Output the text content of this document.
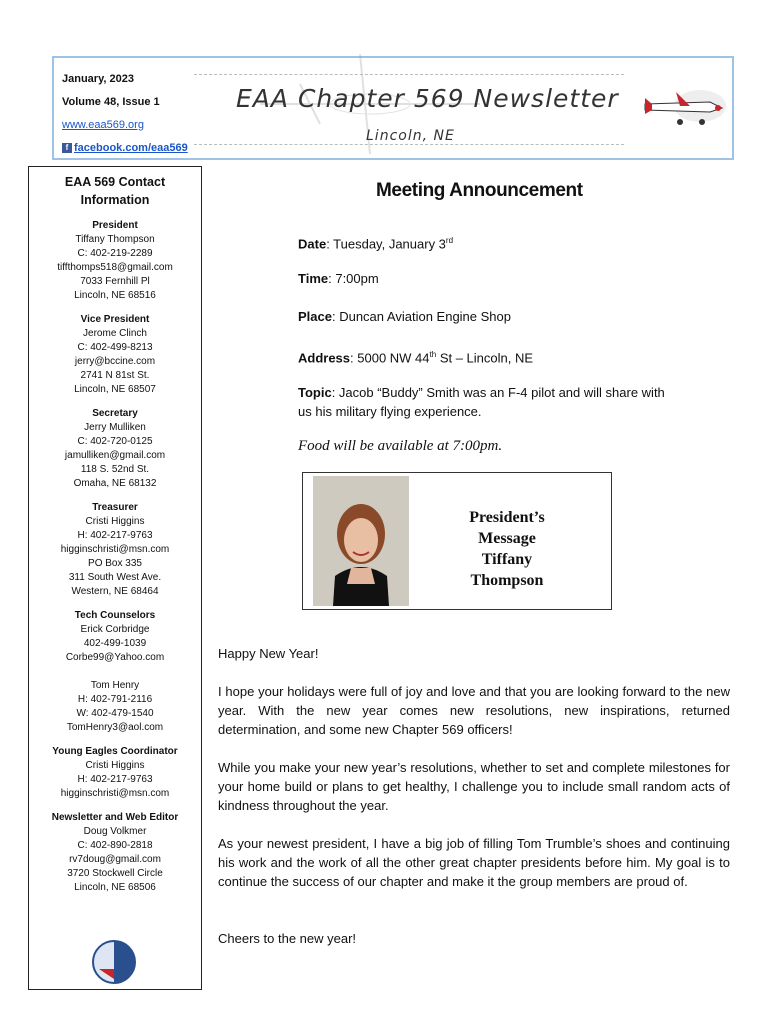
January, 2023
Volume 48, Issue 1
www.eaa569.org
f facebook.com/eaa569
EAA Chapter 569 Newsletter
Lincoln, NE
EAA 569 Contact Information
President
Tiffany Thompson
C: 402-219-2289
tiffthomps518@gmail.com
7033 Fernhill Pl
Lincoln, NE 68516
Vice President
Jerome Clinch
C: 402-499-8213
jerry@bccine.com
2741 N 81st St.
Lincoln, NE 68507
Secretary
Jerry Mulliken
C: 402-720-0125
jamulliken@gmail.com
118 S. 52nd St.
Omaha, NE 68132
Treasurer
Cristi Higgins
H: 402-217-9763
higginschristi@msn.com
PO Box 335
311 South West Ave.
Western, NE 68464
Tech Counselors
Erick Corbridge
402-499-1039
Corbe99@Yahoo.com
Tom Henry
H: 402-791-2116
W: 402-479-1540
TomHenry3@aol.com
Young Eagles Coordinator
Cristi Higgins
H: 402-217-9763
higginschristi@msn.com
Newsletter and Web Editor
Doug Volkmer
C: 402-890-2818
rv7doug@gmail.com
3720 Stockwell Circle
Lincoln, NE 68506
Meeting Announcement
Date: Tuesday, January 3rd
Time: 7:00pm
Place: Duncan Aviation Engine Shop
Address: 5000 NW 44th St – Lincoln, NE
Topic: Jacob “Buddy” Smith was an F-4 pilot and will share with us his military flying experience.
Food will be available at 7:00pm.
President’s
Message
Tiffany
Thompson
Happy New Year!
I hope your holidays were full of joy and love and that you are looking forward to the new year. With the new year comes new resolutions, new inspirations, returned determination, and some new Chapter 569 officers!
While you make your new year’s resolutions, whether to set and complete milestones for your home build or plans to get healthy, I challenge you to include small random acts of kindness throughout the year.
As your newest president, I have a big job of filling Tom Trumble’s shoes and continuing his work and the work of all the other great chapter presidents before him. My goal is to continue the success of our chapter and make it the group members are proud of.
Cheers to the new year!
